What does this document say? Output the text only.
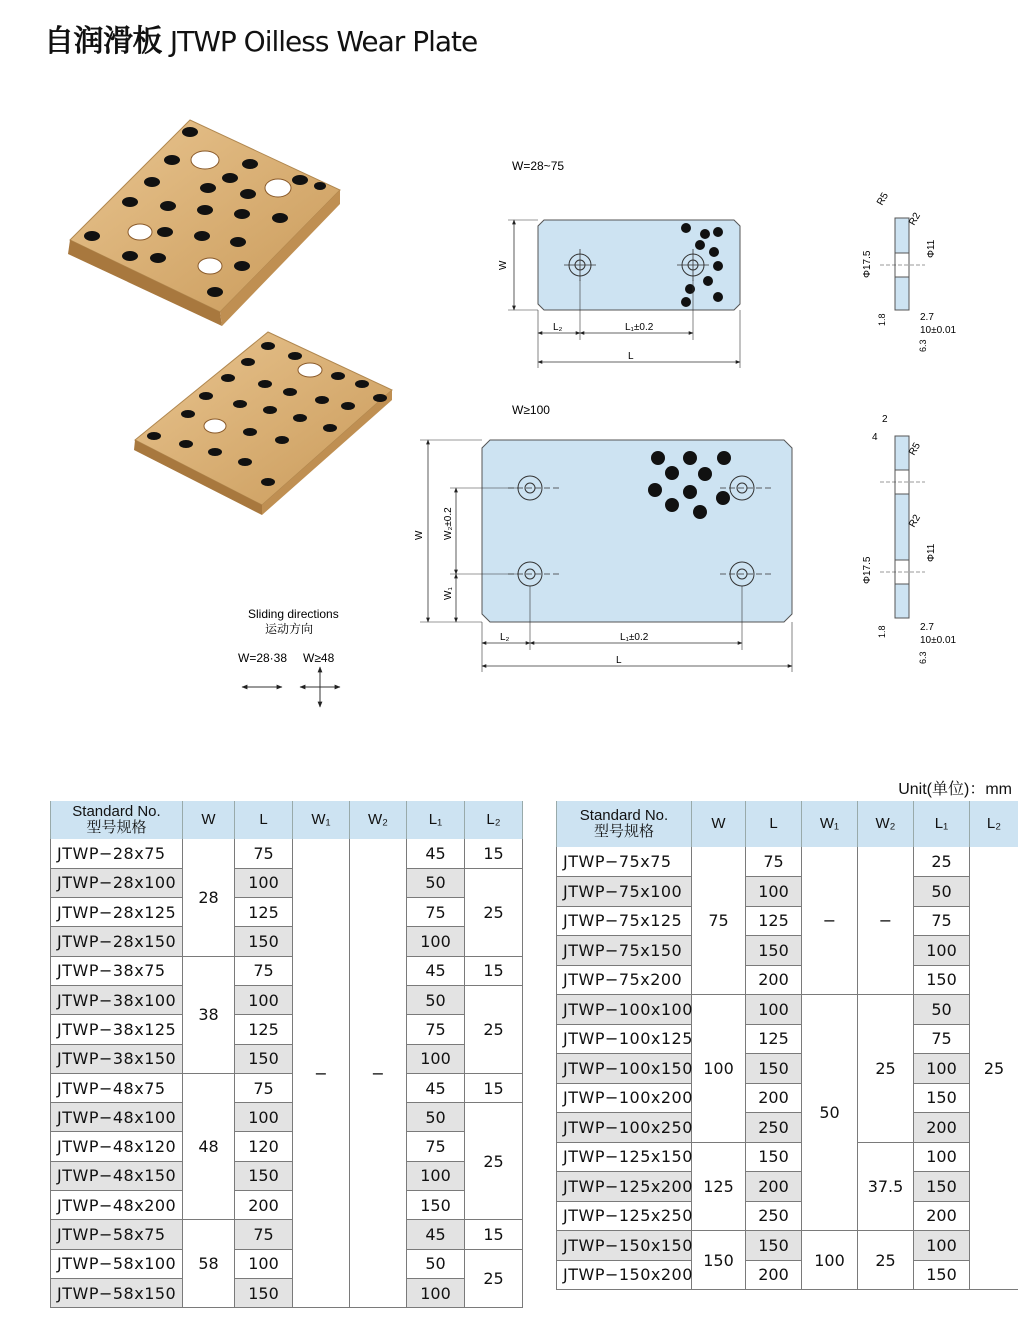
自润滑板 JTWP Oilless Wear Plate
W=28~75
W
L₂	L₁±0.2
L
R5
R2
Φ11
Φ17.5
2.7
10±0.01
1.8
6.3
W≥100
W W₂±0.2
W₁
L₂	L₁±0.2
L
2
4
R5
R2
Φ11
Φ17.5
2.7
10±0.01
1.8
6.3
Sliding directions
运动方向
W=28·38 W≥48
Unit(单位)：mm
Standard No.
型号规格	W	L	W₁	W₂	L₁	L₂

JTWP−28x75	28	75	−	−	45	15
JTWP−28x100		100			50	25
JTWP−28x125		125			75	
JTWP−28x150		150			100	
JTWP−38x75	38	75			45	15
JTWP−38x100		100			50	25
JTWP−38x125		125			75	
JTWP−38x150		150			100	
JTWP−48x75	48	75			45	15
JTWP−48x100		100			50	25
JTWP−48x120		120			75	
JTWP−48x150		150			100	
JTWP−48x200		200			150	
JTWP−58x75	58	75			45	15
JTWP−58x100		100			50	25
JTWP−58x150		150			100	
Standard No.
型号规格	W	L	W₁	W₂	L₁	L₂

JTWP−75x75	75	75	−	−	25	25
JTWP−75x100		100			50	
JTWP−75x125		125			75	
JTWP−75x150		150			100	
JTWP−75x200		200			150	
JTWP−100x100	100	100	50	25	50	
JTWP−100x125		125			75	
JTWP−100x150		150			100	
JTWP−100x200		200			150	
JTWP−100x250		250			200	
JTWP−125x150	125	150		37.5	100	
JTWP−125x200		200			150	
JTWP−125x250		250			200	
JTWP−150x150	150	150	100	25	100	
JTWP−150x200		200			150	
